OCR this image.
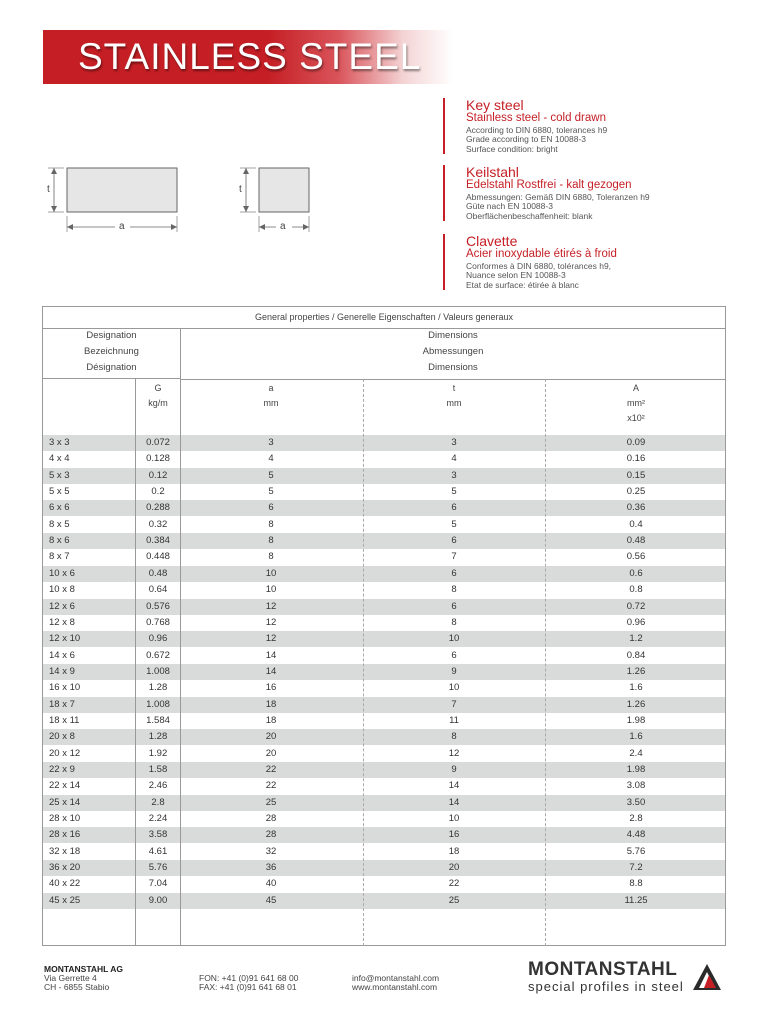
STAINLESS STEEL
t
a
t
a
Key steel
Stainless steel - cold drawn
According to DIN 6880, tolerances h9
Grade according to EN 10088-3
Surface condition: bright
Keilstahl
Edelstahl Rostfrei - kalt gezogen
Abmessungen: Gemäß DIN 6880, Toleranzen h9
Güte nach EN 10088-3
Oberflächenbeschaffenheit: blank
Clavette
Acier inoxydable étirés à froid
Conformes à DIN 6880, tolérances h9,
Nuance selon EN 10088-3
Etat de surface: étirée à blanc
General properties / Generelle Eigenschaften / Valeurs generaux
Designation
Bezeichnung
Désignation
Dimensions
Abmessungen
Dimensions
G
kg/m
a
mm
t
mm
A
mm²
x10²
3 x 3	0.072	3	3	0.09
4 x 4	0.128	4	4	0.16
5 x 3	0.12	5	3	0.15
5 x 5	0.2	5	5	0.25
6 x 6	0.288	6	6	0.36
8 x 5	0.32	8	5	0.4
8 x 6	0.384	8	6	0.48
8 x 7	0.448	8	7	0.56
10 x 6	0.48	10	6	0.6
10 x 8	0.64	10	8	0.8
12 x 6	0.576	12	6	0.72
12 x 8	0.768	12	8	0.96
12 x 10	0.96	12	10	1.2
14 x 6	0.672	14	6	0.84
14 x 9	1.008	14	9	1.26
16 x 10	1.28	16	10	1.6
18 x 7	1.008	18	7	1.26
18 x 11	1.584	18	11	1.98
20 x 8	1.28	20	8	1.6
20 x 12	1.92	20	12	2.4
22 x 9	1.58	22	9	1.98
22 x 14	2.46	22	14	3.08
25 x 14	2.8	25	14	3.50
28 x 10	2.24	28	10	2.8
28 x 16	3.58	28	16	4.48
32 x 18	4.61	32	18	5.76
36 x 20	5.76	36	20	7.2
40 x 22	7.04	40	22	8.8
45 x 25	9.00	45	25	11.25
MONTANSTAHL AG
Via Gerrette 4
CH - 6855 Stabio
FON: +41 (0)91 641 68 00
FAX: +41 (0)91 641 68 01
info@montanstahl.com
www.montanstahl.com
MONTANSTAHL
special profiles in steel
